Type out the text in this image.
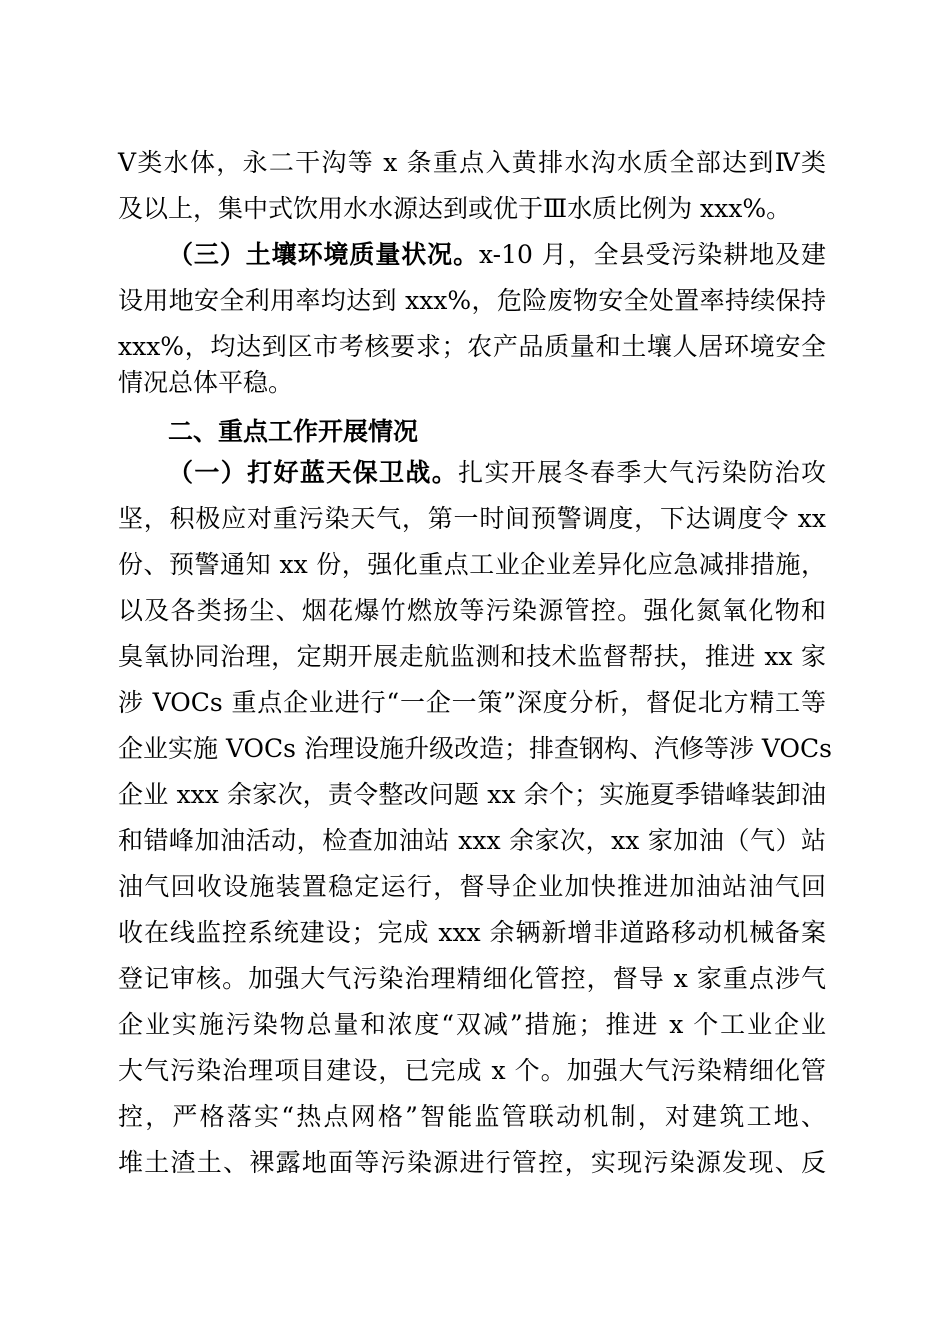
Ⅴ类水体，永二干沟等 x 条重点入黄排水沟水质全部达到Ⅳ类
及以上，集中式饮用水水源达到或优于Ⅲ水质比例为 xxx%。
（三）土壤环境质量状况。x-10 月，全县受污染耕地及建
设用地安全利用率均达到 xxx%，危险废物安全处置率持续保持
xxx%，均达到区市考核要求；农产品质量和土壤人居环境安全
情况总体平稳。
二、重点工作开展情况
（一）打好蓝天保卫战。扎实开展冬春季大气污染防治攻
坚，积极应对重污染天气，第一时间预警调度，下达调度令 xx
份、预警通知 xx 份，强化重点工业企业差异化应急减排措施，
以及各类扬尘、烟花爆竹燃放等污染源管控。强化氮氧化物和
臭氧协同治理，定期开展走航监测和技术监督帮扶，推进 xx 家
涉 VOCs 重点企业进行“一企一策”深度分析，督促北方精工等
企业实施 VOCs 治理设施升级改造；排查钢构、汽修等涉 VOCs
企业 xxx 余家次，责令整改问题 xx 余个；实施夏季错峰装卸油
和错峰加油活动，检查加油站 xxx 余家次，xx 家加油（气）站
油气回收设施装置稳定运行，督导企业加快推进加油站油气回
收在线监控系统建设；完成 xxx 余辆新增非道路移动机械备案
登记审核。加强大气污染治理精细化管控，督导 x 家重点涉气
企业实施污染物总量和浓度“双减”措施；推进 x 个工业企业
大气污染治理项目建设，已完成 x 个。加强大气污染精细化管
控，严格落实“热点网格”智能监管联动机制，对建筑工地、
堆土渣土、裸露地面等污染源进行管控，实现污染源发现、反
